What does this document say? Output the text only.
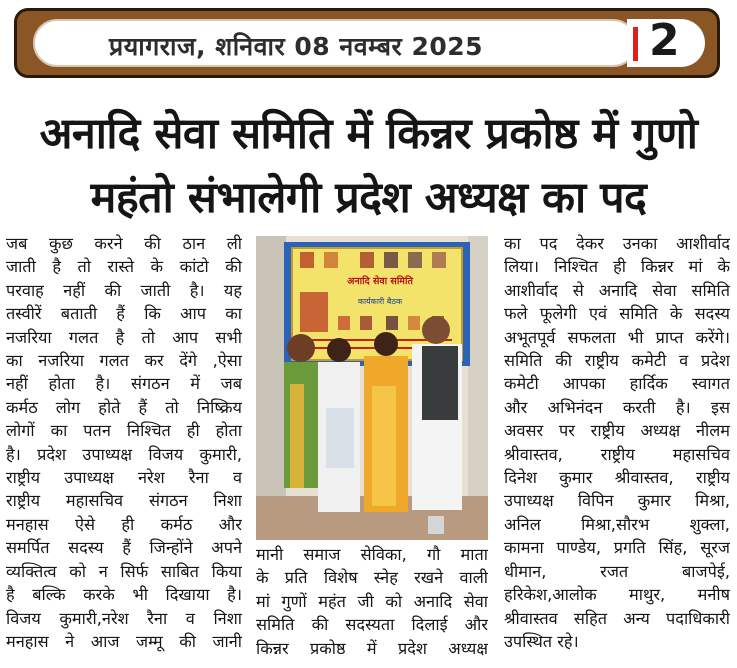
प्रयागराज, शनिवार 08 नवम्बर 2025	2
अनादि सेवा समिति में किन्नर प्रकोष्ठ में गुणो
महंतो संभालेगी प्रदेश अध्यक्ष का पद
जब कुछ करने की ठान ली
जाती है तो रास्ते के कांटो की
परवाह नहीं की जाती है। यह
तस्वीरें बताती हैं कि आप का
नजरिया गलत है तो आप सभी
का नजरिया गलत कर देंगे ,ऐसा
नहीं होता है। संगठन में जब
कर्मठ लोग होते हैं तो निष्क्रिय
लोगों का पतन निश्चित ही होता
है। प्रदेश उपाध्यक्ष विजय कुमारी,
राष्ट्रीय उपाध्यक्ष नरेश रैना व
राष्ट्रीय महासचिव संगठन निशा
मनहास ऐसे ही कर्मठ और
समर्पित सदस्य हैं जिन्होंने अपने
व्यक्तित्व को न सिर्फ साबित किया
है बल्कि करके भी दिखाया है।
विजय कुमारी,नरेश रैना व निशा
मनहास ने आज जम्मू की जानी
अनादि सेवा समिति
कार्यकारी बैठक
मानी समाज सेविका, गौ माता
के प्रति विशेष स्नेह रखने वाली
मां गुणों महंत जी को अनादि सेवा
समिति की सदस्यता दिलाई और
किन्नर प्रकोष्ठ में प्रदेश अध्यक्ष
का पद देकर उनका आशीर्वाद
लिया। निश्चित ही किन्नर मां के
आशीर्वाद से अनादि सेवा समिति
फले फूलेगी एवं समिति के सदस्य
अभूतपूर्व सफलता भी प्राप्त करेंगे।
समिति की राष्ट्रीय कमेटी व प्रदेश
कमेटी आपका हार्दिक स्वागत
और अभिनंदन करती है। इस
अवसर पर राष्ट्रीय अध्यक्ष नीलम
श्रीवास्तव, राष्ट्रीय महासचिव
दिनेश कुमार श्रीवास्तव, राष्ट्रीय
उपाध्यक्ष विपिन कुमार मिश्रा,
अनिल मिश्रा,सौरभ शुक्ला,
कामना पाण्डेय, प्रगति सिंह, सूरज
धीमान, रजत बाजपेई,
हरिकेश,आलोक माथुर, मनीष
श्रीवास्तव सहित अन्य पदाधिकारी
उपस्थित रहे।
